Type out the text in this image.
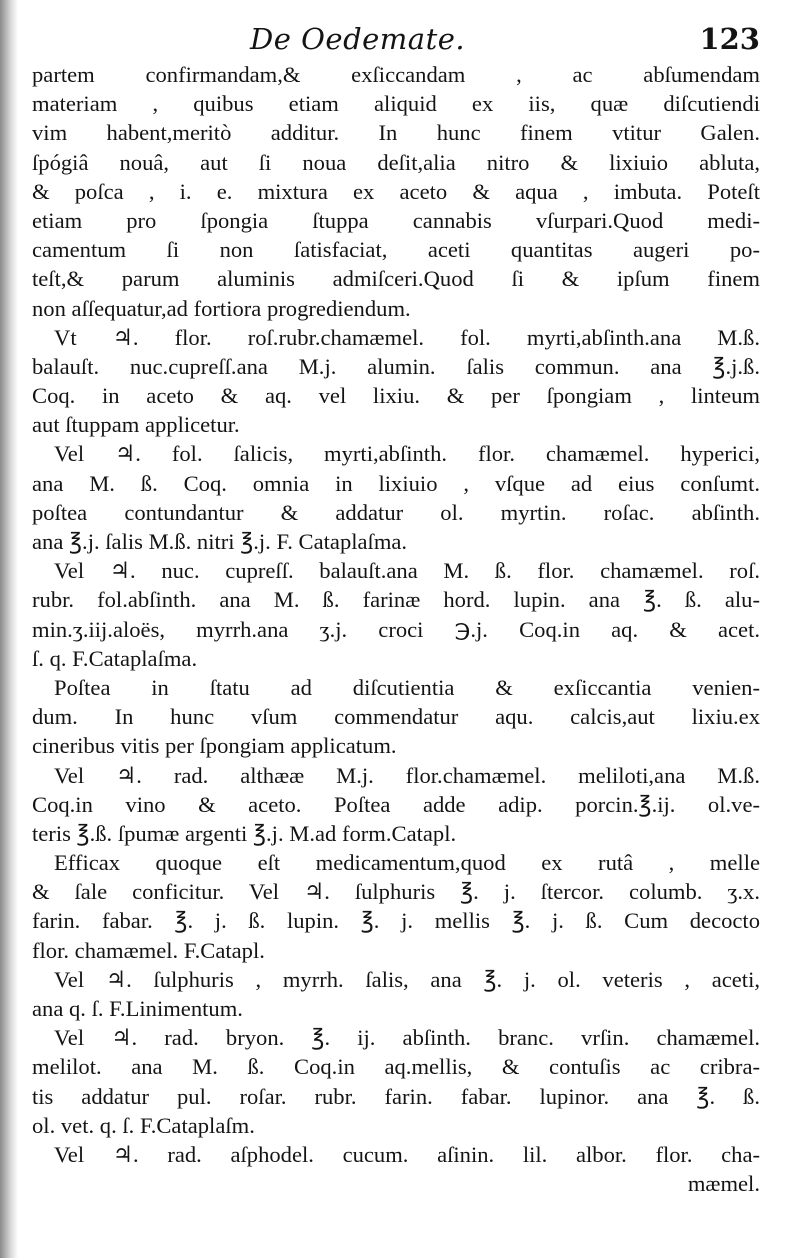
De Oedemate.	123
partem confirmandam,& exſiccandam , ac abſumendam
materiam , quibus etiam aliquid ex iis, quæ diſcutiendi
vim habent,meritò additur. In hunc finem vtitur Galen.
ſpógiâ nouâ, aut ſi noua deſit,alia nitro & lixiuio abluta,
& poſca , i. e. mixtura ex aceto & aqua , imbuta. Poteſt
etiam pro ſpongia ſtuppa cannabis vſurpari.Quod medi-
camentum ſi non ſatisfaciat, aceti quantitas augeri po-
teſt,& parum aluminis admiſceri.Quod ſi & ipſum finem
non aſſequatur,ad fortiora progrediendum.
Vt ♃. flor. roſ.rubr.chamæmel. fol. myrti,abſinth.ana M.ß.
balauſt. nuc.cupreſſ.ana M.j. alumin. ſalis commun. ana ℥.j.ß.
Coq. in aceto & aq. vel lixiu. & per ſpongiam , linteum
aut ſtuppam applicetur.
Vel ♃. fol. ſalicis, myrti,abſinth. flor. chamæmel. hyperici,
ana M. ß. Coq. omnia in lixiuio , vſque ad eius conſumt.
poſtea contundantur & addatur ol. myrtin. roſac. abſinth.
ana ℥.j. ſalis M.ß. nitri ℥.j. F. Cataplaſma.
Vel ♃. nuc. cupreſſ. balauſt.ana M. ß. flor. chamæmel. roſ.
rubr. fol.abſinth. ana M. ß. farinæ hord. lupin. ana ℥. ß. alu-
min.ʒ.iij.aloës, myrrh.ana ʒ.j. croci ℈.j. Coq.in aq. & acet.
ſ. q. F.Cataplaſma.
Poſtea in ſtatu ad diſcutientia & exſiccantia venien-
dum. In hunc vſum commendatur aqu. calcis,aut lixiu.ex
cineribus vitis per ſpongiam applicatum.
Vel ♃. rad. althææ M.j. flor.chamæmel. meliloti,ana M.ß.
Coq.in vino & aceto. Poſtea adde adip. porcin.℥.ij. ol.ve-
teris ℥.ß. ſpumæ argenti ℥.j. M.ad form.Catapl.
Efficax quoque eſt medicamentum,quod ex rutâ , melle
& ſale conficitur. Vel ♃. ſulphuris ℥. j. ſtercor. columb. ʒ.x.
farin. fabar. ℥. j. ß. lupin. ℥. j. mellis ℥. j. ß. Cum decocto
flor. chamæmel. F.Catapl.
Vel ♃. ſulphuris , myrrh. ſalis, ana ℥. j. ol. veteris , aceti,
ana q. ſ. F.Linimentum.
Vel ♃. rad. bryon. ℥. ij. abſinth. branc. vrſin. chamæmel.
melilot. ana M. ß. Coq.in aq.mellis, & contuſis ac cribra-
tis addatur pul. roſar. rubr. farin. fabar. lupinor. ana ℥. ß.
ol. vet. q. ſ. F.Cataplaſm.
Vel ♃. rad. aſphodel. cucum. aſinin. lil. albor. flor. cha-
mæmel.
